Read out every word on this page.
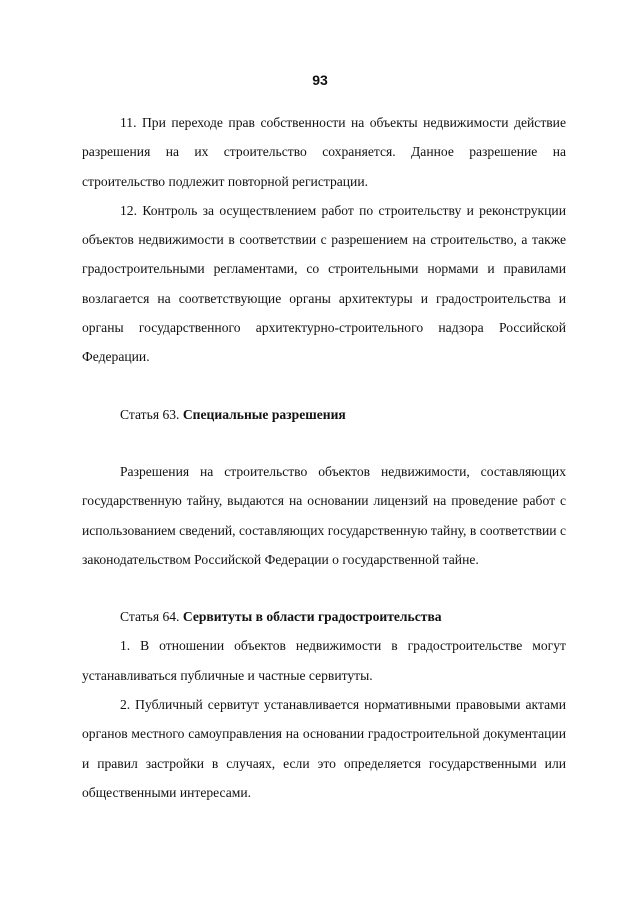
93

11. При переходе прав собственности на объекты недвижимости действие разрешения на их строительство сохраняется. Данное разрешение на строительство подлежит повторной регистрации.

12. Контроль за осуществлением работ по строительству и реконструкции объектов недвижимости в соответствии с разрешением на строительство, а также градостроительными регламентами, со строительными нормами и правилами возлагается на соответствующие органы архитектуры и градостроительства и органы государственного архитектурно-строительного надзора Российской Федерации.

Статья 63. Специальные разрешения

Разрешения на строительство объектов недвижимости, составляющих государственную тайну, выдаются на основании лицензий на проведение работ с использованием сведений, составляющих государственную тайну, в соответствии с законодательством Российской Федерации о государственной тайне.

Статья 64. Сервитуты в области градостроительства

1. В отношении объектов недвижимости в градостроительстве могут устанавливаться публичные и частные сервитуты.

2. Публичный сервитут устанавливается нормативными правовыми актами органов местного самоуправления на основании градостроительной документации и правил застройки в случаях, если это определяется государственными или общественными интересами.
